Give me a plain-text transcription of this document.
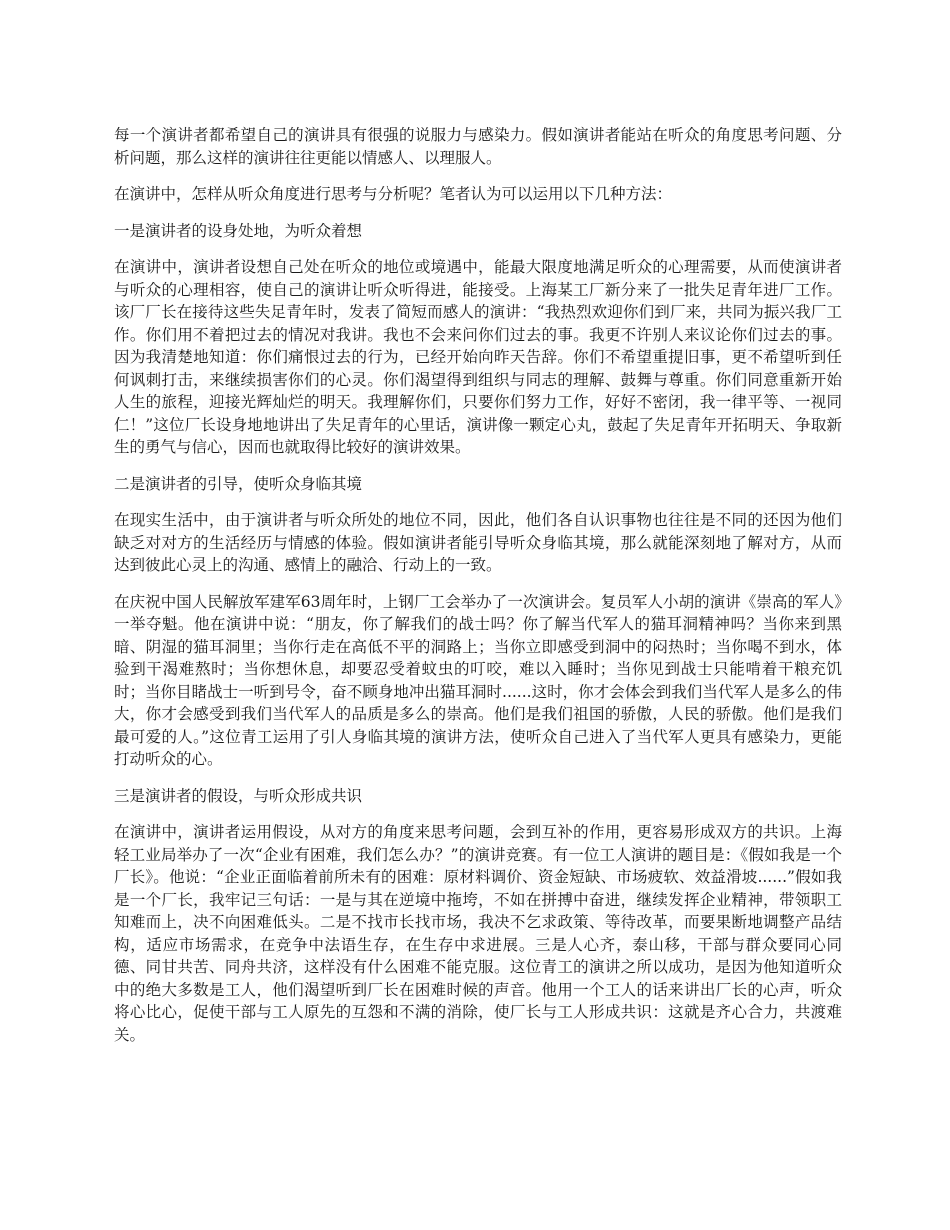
每一个演讲者都希望自己的演讲具有很强的说服力与感染力。假如演讲者能站在听众的角度思考问题、分析问题，那么这样的演讲往往更能以情感人、以理服人。

在演讲中，怎样从听众角度进行思考与分析呢？笔者认为可以运用以下几种方法：

一是演讲者的设身处地，为听众着想

在演讲中，演讲者设想自己处在听众的地位或境遇中，能最大限度地满足听众的心理需要，从而使演讲者与听众的心理相容，使自己的演讲让听众听得进，能接受。上海某工厂新分来了一批失足青年进厂工作。该厂厂长在接待这些失足青年时，发表了简短而感人的演讲：“我热烈欢迎你们到厂来，共同为振兴我厂工作。你们用不着把过去的情况对我讲。我也不会来问你们过去的事。我更不许别人来议论你们过去的事。因为我清楚地知道：你们痛恨过去的行为，已经开始向昨天告辞。你们不希望重提旧事，更不希望听到任何讽刺打击，来继续损害你们的心灵。你们渴望得到组织与同志的理解、鼓舞与尊重。你们同意重新开始人生的旅程，迎接光辉灿烂的明天。我理解你们，只要你们努力工作，好好不密闭，我一律平等、一视同仁！”这位厂长设身地地讲出了失足青年的心里话，演讲像一颗定心丸，鼓起了失足青年开拓明天、争取新生的勇气与信心，因而也就取得比较好的演讲效果。

二是演讲者的引导，使听众身临其境

在现实生活中，由于演讲者与听众所处的地位不同，因此，他们各自认识事物也往往是不同的还因为他们缺乏对对方的生活经历与情感的体验。假如演讲者能引导听众身临其境，那么就能深刻地了解对方，从而达到彼此心灵上的沟通、感情上的融洽、行动上的一致。

在庆祝中国人民解放军建军63周年时，上钢厂工会举办了一次演讲会。复员军人小胡的演讲《崇高的军人》一举夺魁。他在演讲中说：“朋友，你了解我们的战士吗？你了解当代军人的猫耳洞精神吗？当你来到黑暗、阴湿的猫耳洞里；当你行走在高低不平的洞路上；当你立即感受到洞中的闷热时；当你喝不到水，体验到干渴难熬时；当你想休息，却要忍受着蚊虫的叮咬，难以入睡时；当你见到战士只能啃着干粮充饥时；当你目睹战士一听到号令，奋不顾身地冲出猫耳洞时......这时，你才会体会到我们当代军人是多么的伟大，你才会感受到我们当代军人的品质是多么的崇高。他们是我们祖国的骄傲，人民的骄傲。他们是我们最可爱的人。”这位青工运用了引人身临其境的演讲方法，使听众自己进入了当代军人更具有感染力，更能打动听众的心。

三是演讲者的假设，与听众形成共识

在演讲中，演讲者运用假设，从对方的角度来思考问题，会到互补的作用，更容易形成双方的共识。上海轻工业局举办了一次“企业有困难，我们怎么办？”的演讲竞赛。有一位工人演讲的题目是：《假如我是一个厂长》。他说：“企业正面临着前所未有的困难：原材料调价、资金短缺、市场疲软、效益滑坡......”假如我是一个厂长，我牢记三句话：一是与其在逆境中拖垮，不如在拼搏中奋进，继续发挥企业精神，带领职工知难而上，决不向困难低头。二是不找市长找市场，我决不乞求政策、等待改革，而要果断地调整产品结构，适应市场需求，在竞争中法语生存，在生存中求进展。三是人心齐，泰山移，干部与群众要同心同德、同甘共苦、同舟共济，这样没有什么困难不能克服。这位青工的演讲之所以成功，是因为他知道听众中的绝大多数是工人，他们渴望听到厂长在困难时候的声音。他用一个工人的话来讲出厂长的心声，听众将心比心，促使干部与工人原先的互怨和不满的消除，使厂长与工人形成共识：这就是齐心合力，共渡难关。
